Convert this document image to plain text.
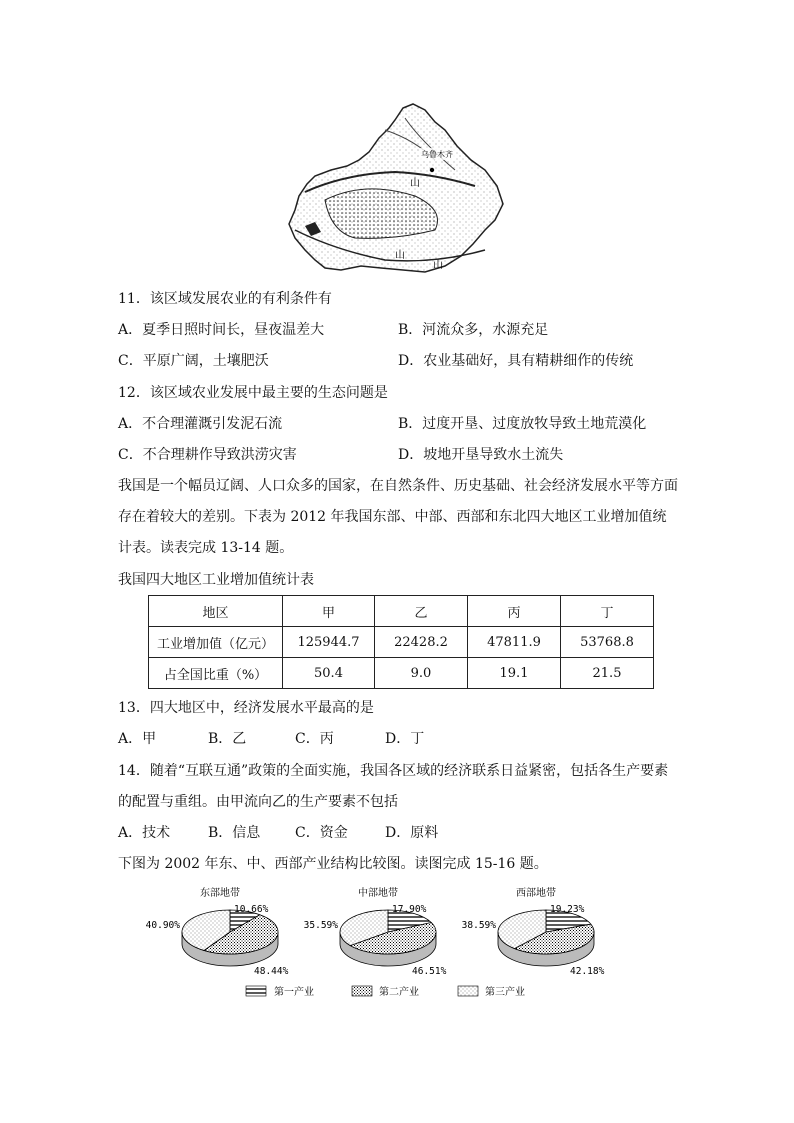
乌鲁木齐
山
山
山
11．该区域发展农业的有利条件有
A．夏季日照时间长，昼夜温差大	B．河流众多，水源充足
C．平原广阔，土壤肥沃	D．农业基础好，具有精耕细作的传统
12．该区域农业发展中最主要的生态问题是
A．不合理灌溉引发泥石流	B．过度开垦、过度放牧导致土地荒漠化
C．不合理耕作导致洪涝灾害	D．坡地开垦导致水土流失
我国是一个幅员辽阔、人口众多的国家，在自然条件、历史基础、社会经济发展水平等方面存在着较大的差别。下表为 2012 年我国东部、中部、西部和东北四大地区工业增加值统计表。读表完成 13-14 题。
我国四大地区工业增加值统计表
地区	甲	乙	丙	丁
工业增加值（亿元）	125944.7	22428.2	47811.9	53768.8
占全国比重（%）	50.4	9.0	19.1	21.5
13．四大地区中，经济发展水平最高的是
A．甲	B．乙	C．丙	D．丁
14．随着“互联互通”政策的全面实施，我国各区域的经济联系日益紧密，包括各生产要素
的配置与重组。由甲流向乙的生产要素不包括
A．技术	B．信息 C．资金	D．原料
下图为 2002 年东、中、西部产业结构比较图。读图完成 15-16 题。
东部地带
10.66%
48.44%
40.90%
中部地带
17.90%
46.51%
35.59%
西部地带
19.23%
42.18%
38.59%
第一产业	第二产业	第三产业
